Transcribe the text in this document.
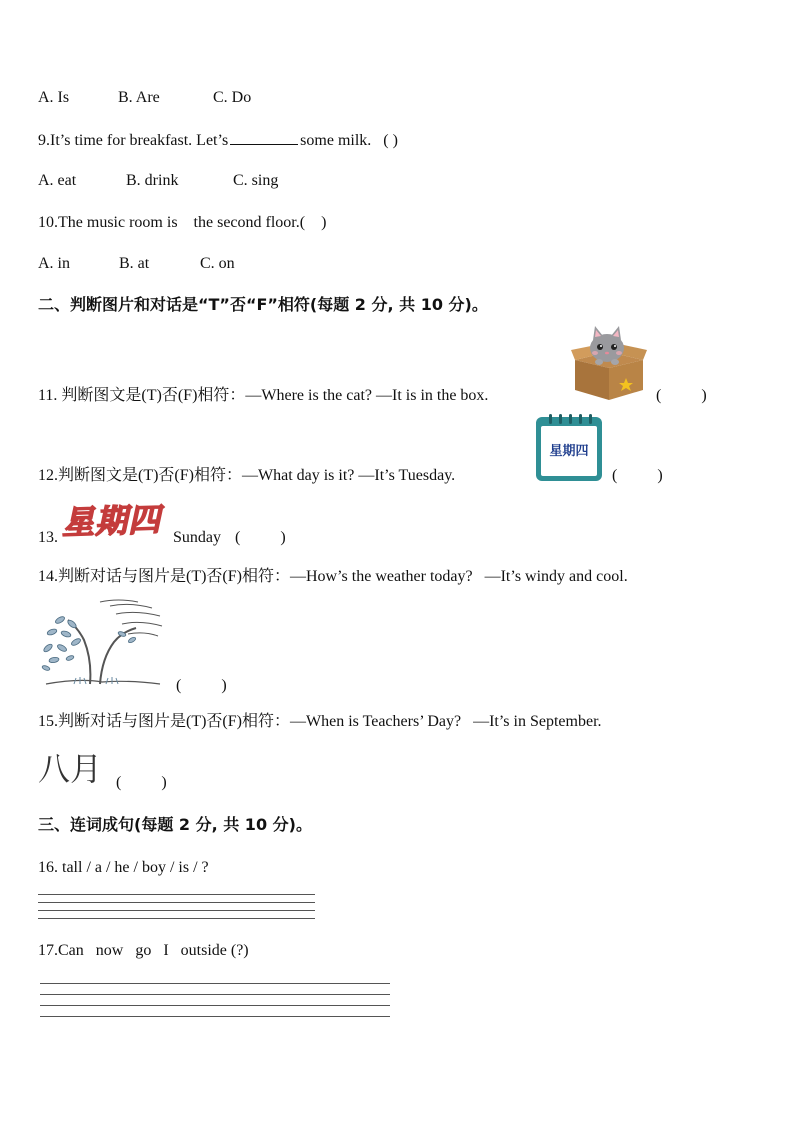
A. Is	B. Are	C. Do
9.It’s time for breakfast. Let’s	some milk. ( )
A. eat	B. drink	C. sing
10.The music room is    the second floor.(    )
A. in	B. at	C. on
二、判断图片和对话是“T”否“F”相符(每题 2 分, 共 10 分)。
11. 判断图文是(T)否(F)相符：—Where is the cat? —It is in the box.	(          )
12.判断图文是(T)否(F)相符：—What day is it? —It’s Tuesday.
星期四
(          )
13. 星期四 Sunday (          )
14.判断对话与图片是(T)否(F)相符：—How’s the weather today?   —It’s windy and cool.
(          )
15.判断对话与图片是(T)否(F)相符：—When is Teachers’ Day?   —It’s in September.
八月 (          )
三、连词成句(每题 2 分, 共 10 分)。
16. tall / a / he / boy / is / ?
17.Can   now   go   I   outside (?)
